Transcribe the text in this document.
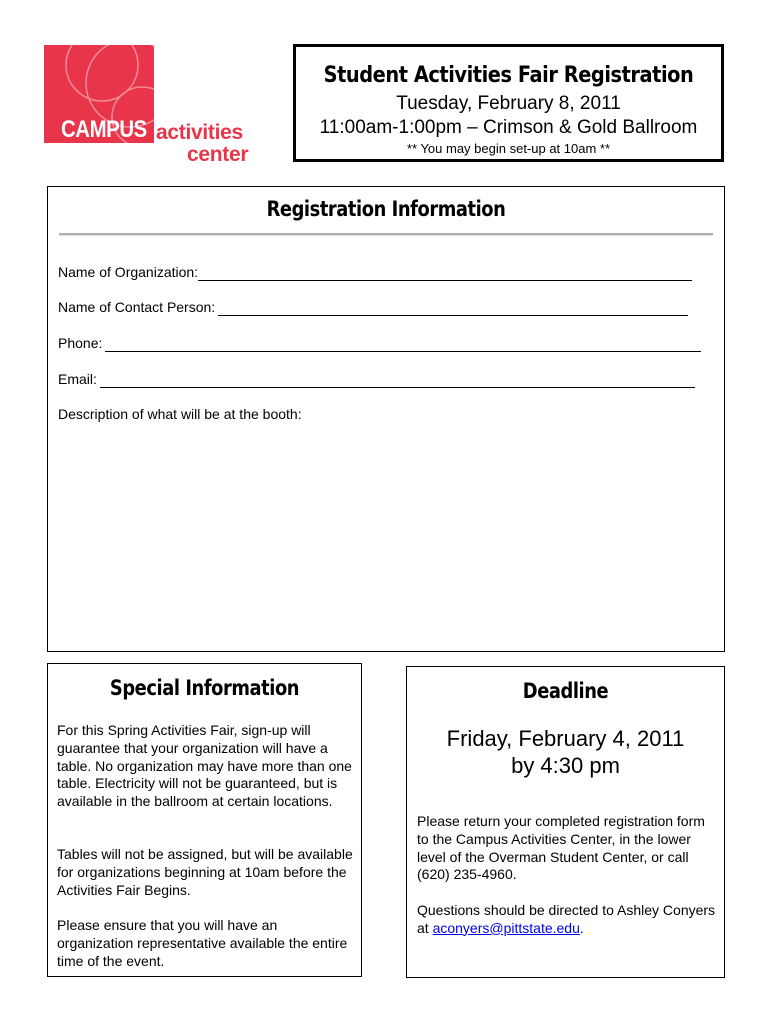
CAMPUS activities
center
Student Activities Fair Registration
Tuesday, February 8, 2011
11:00am-1:00pm – Crimson & Gold Ballroom
** You may begin set-up at 10am **
Registration Information
Name of Organization:
Name of Contact Person:
Phone:
Email:
Description of what will be at the booth:
Special Information
For this Spring Activities Fair, sign-up will guarantee that your organization will have a table. No organization may have more than one table. Electricity will not be guaranteed, but is available in the ballroom at certain locations.
Tables will not be assigned, but will be available for organizations beginning at 10am before the Activities Fair Begins.
Please ensure that you will have an organization representative available the entire time of the event.
Deadline
Friday, February 4, 2011
by 4:30 pm
Please return your completed registration form to the Campus Activities Center, in the lower level of the Overman Student Center, or call (620) 235-4960.
Questions should be directed to Ashley Conyers at aconyers@pittstate.edu.
